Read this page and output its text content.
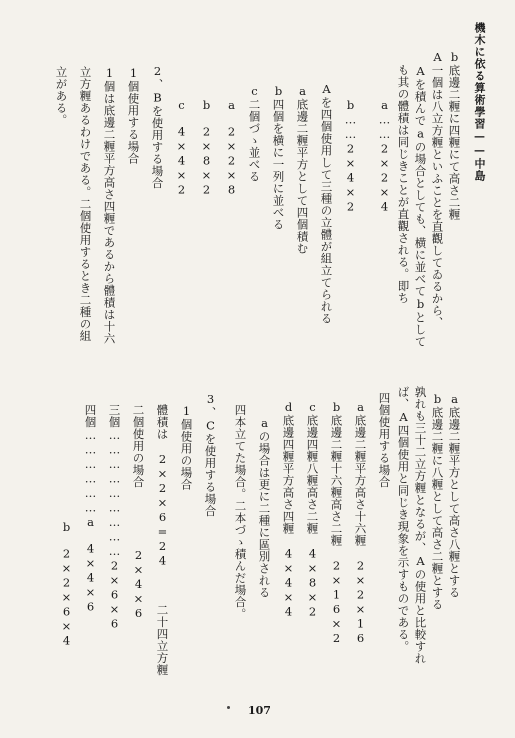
機木に依る算術學習——中島
b底邊二糎に四糎にて高さ二糎
A一個は八立方糎といふことを直觀してゐるから、
Aを積んでaの場合としても、横に並べてbとして
も其の體積は同じきことが直觀される。即ち
a……2×2×4
b……2×4×2
Aを四個使用して三種の立體が組立てられる
a底邊二糎平方として四個積む
b四個を横に一列に並べる
c二個づゝ並べる
a　2×2×8
b　2×8×2
c　4×4×2
2、Bを使用する場合
1個使用する場合
1個は底邊二糎平方高さ四糎であるから體積は十六
立方糎あるわけである。二個使用するとき二種の組
立がある。
a底邊二糎平方として高さ八糎とする
b底邊二糎に八糎として高さ二糎とする
孰れも三十二立方糎となるが、Aの使用と比較すれ
ば、A四個使用と同じき現象を示すものである。
四個使用する場合
a底邊二糎平方高さ十六糎　2×2×16
b底邊二糎十六糎高さ二糎　2×16×2
c底邊四糎八糎高さ二糎　4×8×2
d底邊四糎平方高さ四糎　4×4×4
aの場合は更に二種に區別される
四本立てた場合。二本づゝ積んだ場合。
3、Cを使用する場合
1個使用の場合
體積は　2×2×6=24　　　二十四立方糎
二個使用の場合　　　　　2×4×6
三個………………………2×6×6
四個………………a　4×4×6
b　2×2×6×4
107
